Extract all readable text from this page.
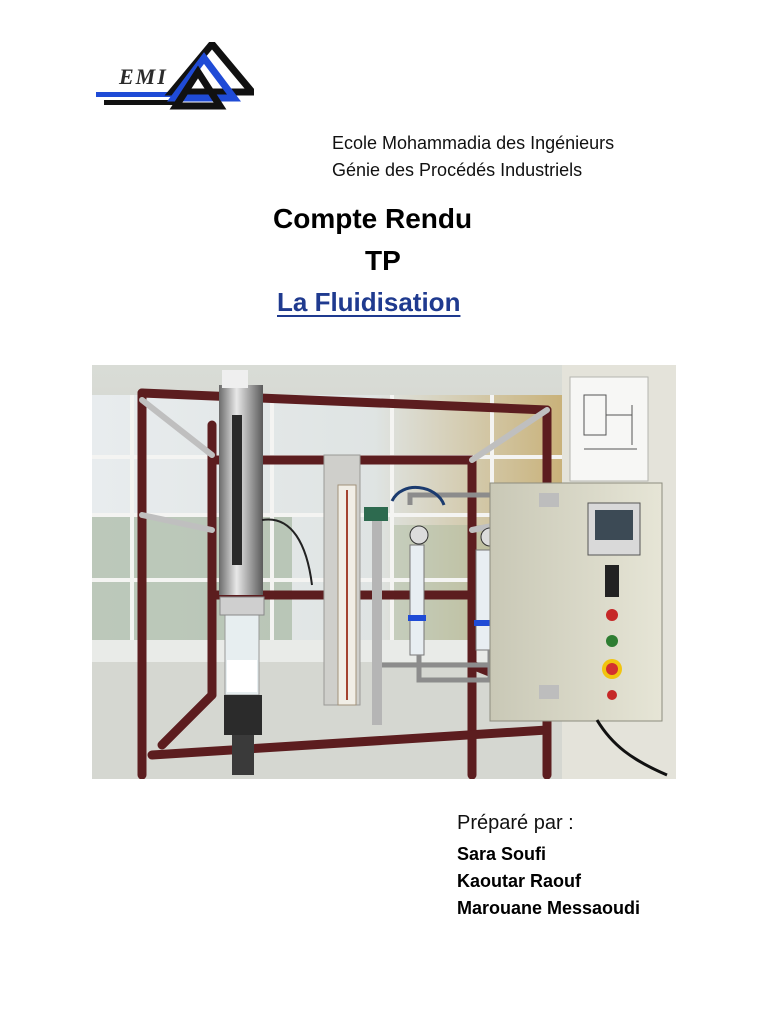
EMI
Ecole Mohammadia des Ingénieurs
Génie des Procédés Industriels
Compte Rendu
TP
La Fluidisation
Préparé par :
Sara Soufi
Kaoutar Raouf
Marouane Messaoudi
